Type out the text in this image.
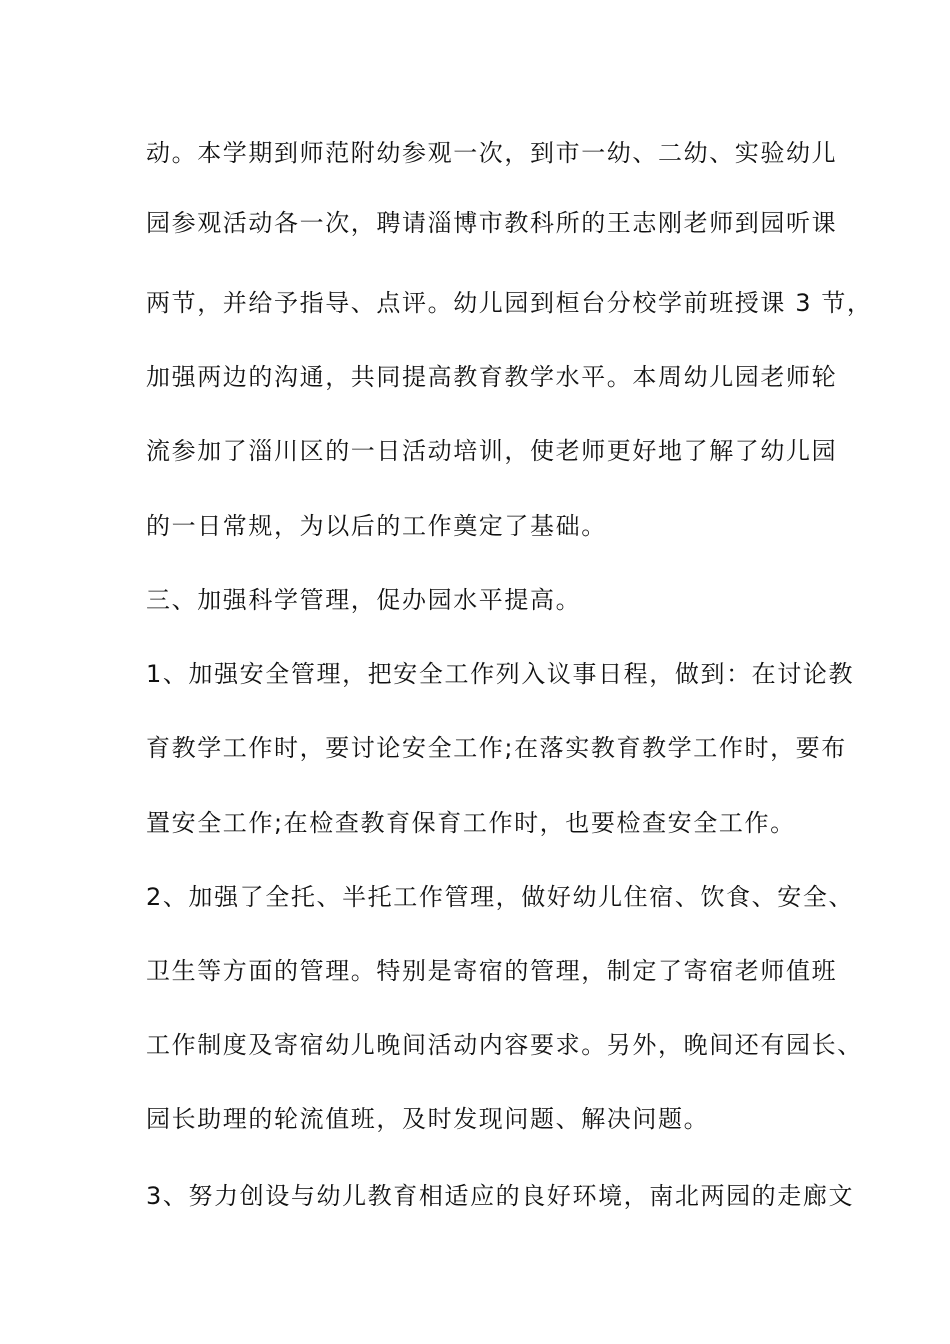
动。本学期到师范附幼参观一次，到市一幼、二幼、实验幼儿
园参观活动各一次，聘请淄博市教科所的王志刚老师到园听课
两节，并给予指导、点评。幼儿园到桓台分校学前班授课 3 节，
加强两边的沟通，共同提高教育教学水平。本周幼儿园老师轮
流参加了淄川区的一日活动培训，使老师更好地了解了幼儿园
的一日常规，为以后的工作奠定了基础。
三、加强科学管理，促办园水平提高。
1、加强安全管理，把安全工作列入议事日程，做到：在讨论教
育教学工作时，要讨论安全工作;在落实教育教学工作时，要布
置安全工作;在检查教育保育工作时，也要检查安全工作。
2、加强了全托、半托工作管理，做好幼儿住宿、饮食、安全、
卫生等方面的管理。特别是寄宿的管理，制定了寄宿老师值班
工作制度及寄宿幼儿晚间活动内容要求。另外，晚间还有园长、
园长助理的轮流值班，及时发现问题、解决问题。
3、努力创设与幼儿教育相适应的良好环境，南北两园的走廊文
